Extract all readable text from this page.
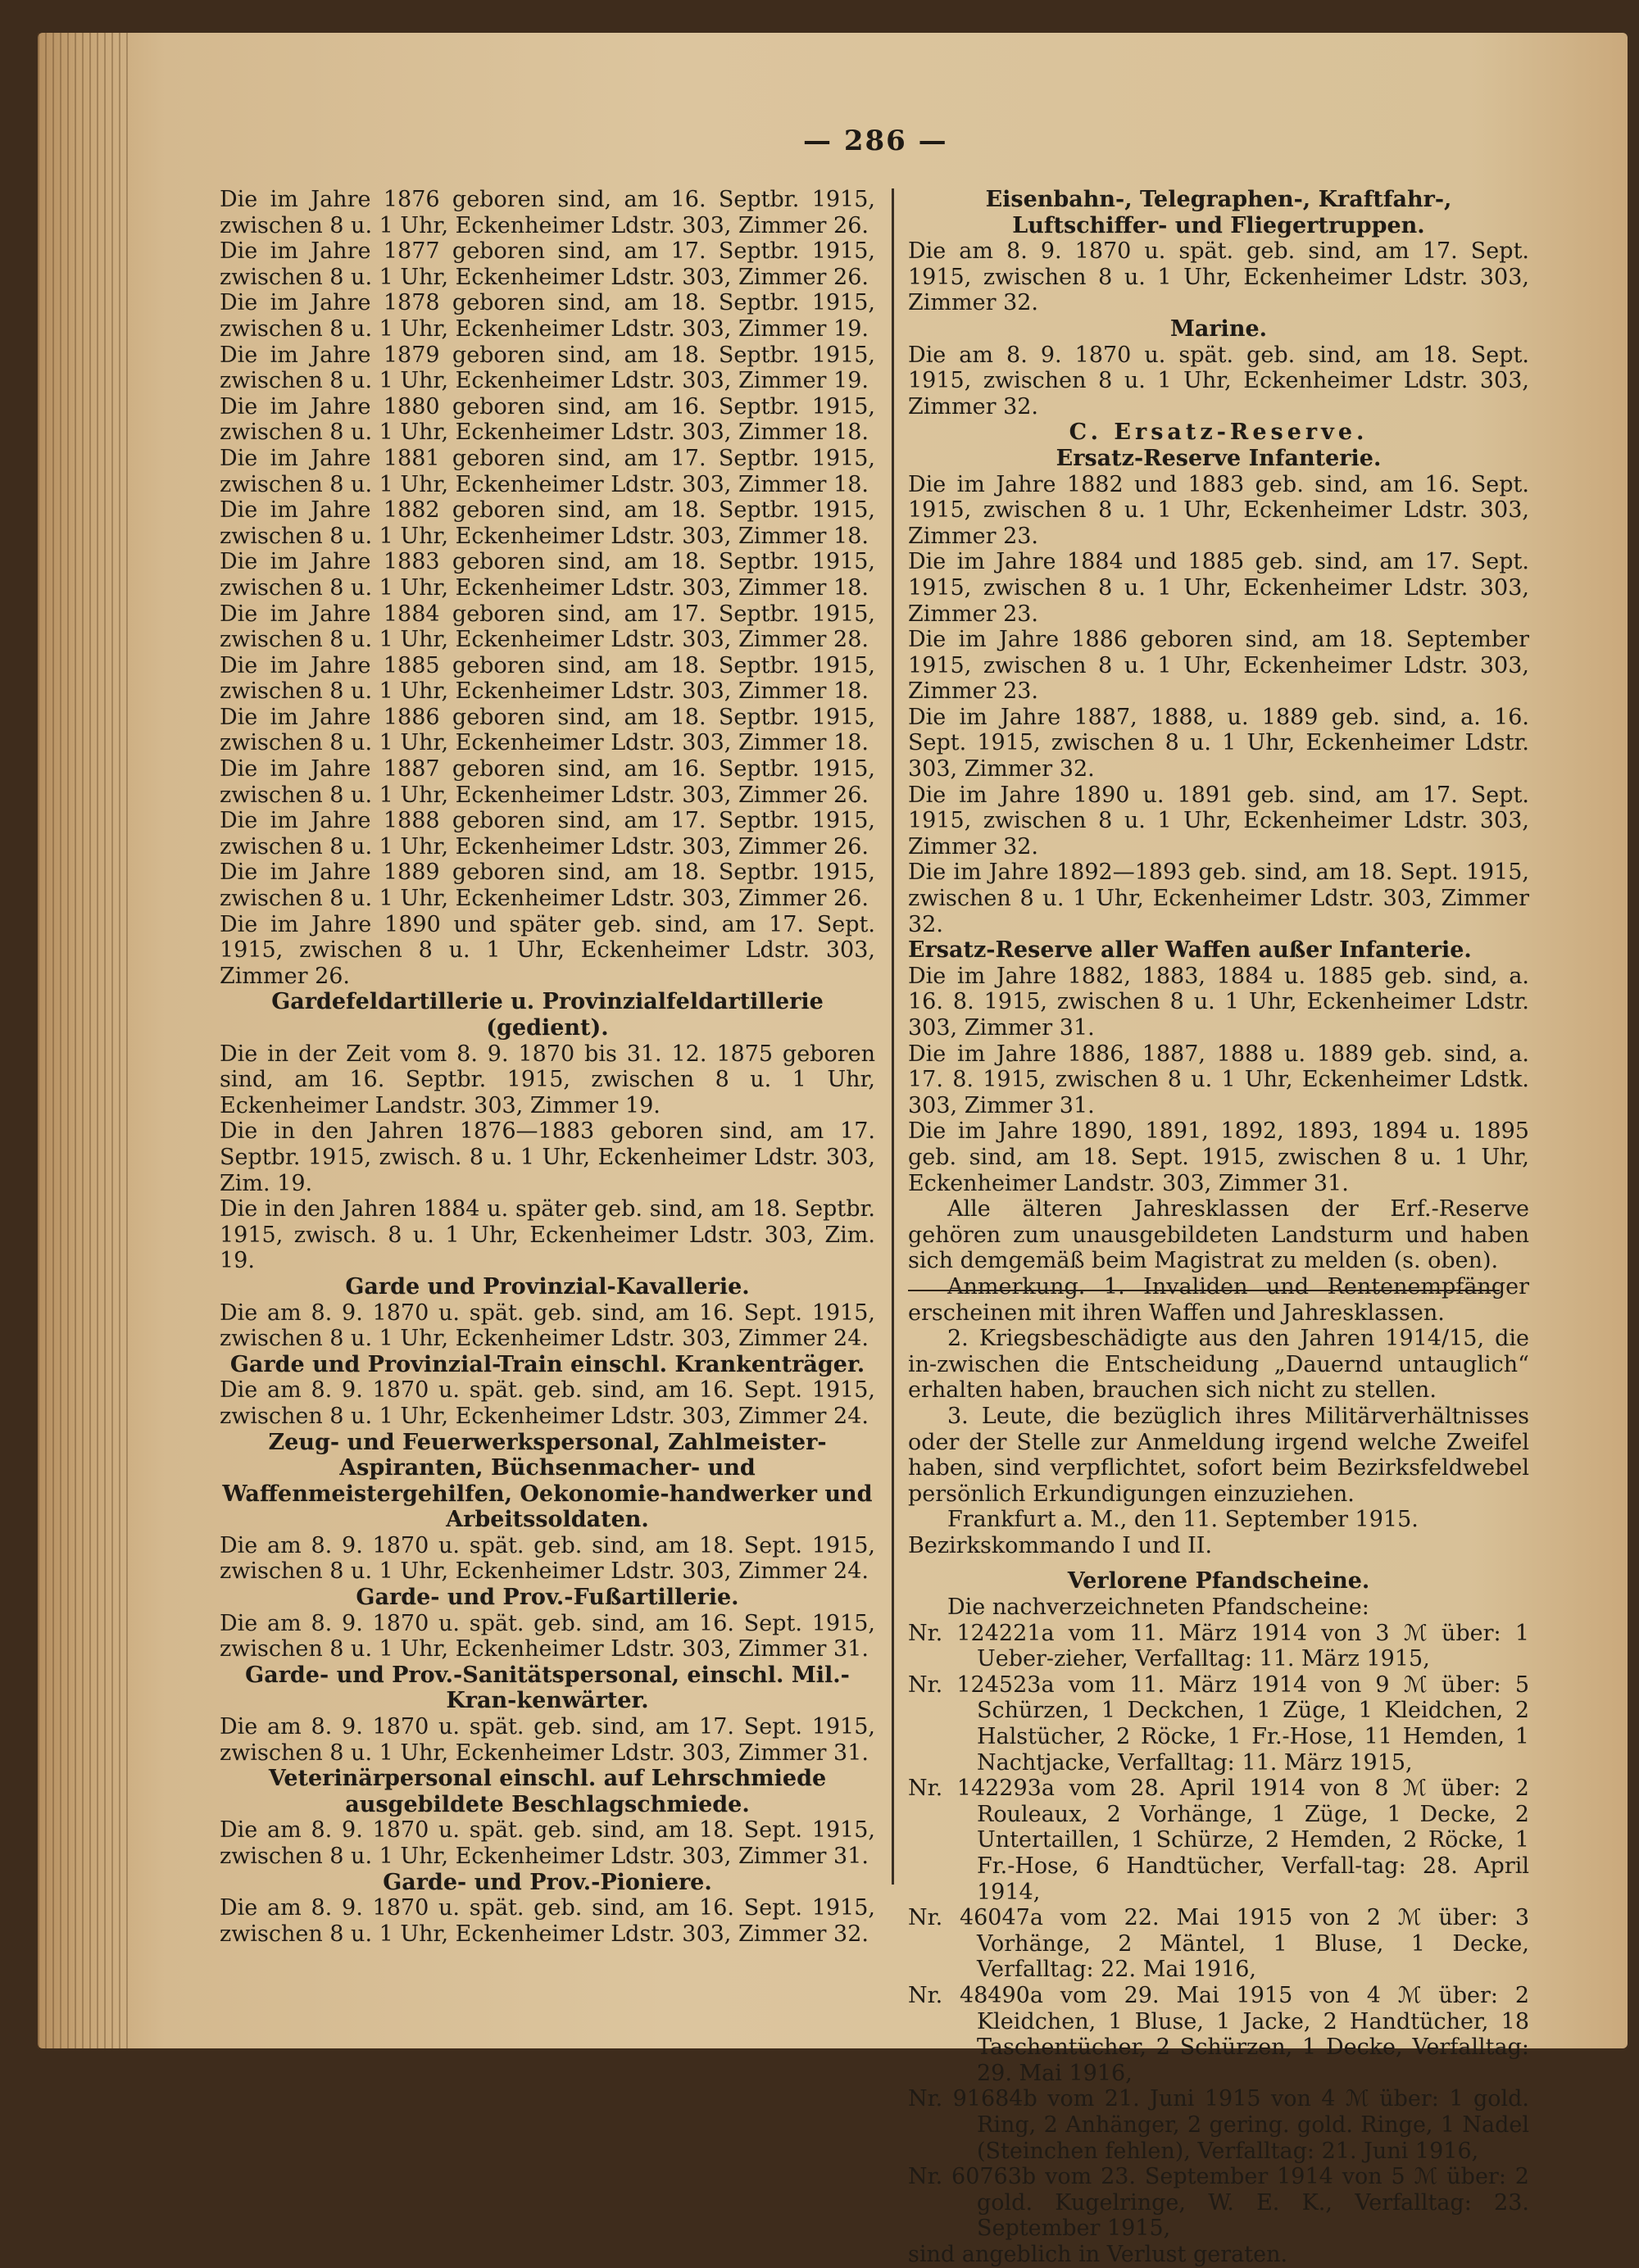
— 286 —
Die im Jahre 1876 geboren sind, am 16. Septbr. 1915, zwischen 8 u. 1 Uhr, Eckenheimer Ldstr. 303, Zimmer 26.
Die im Jahre 1877 geboren sind, am 17. Septbr. 1915, zwischen 8 u. 1 Uhr, Eckenheimer Ldstr. 303, Zimmer 26.
Die im Jahre 1878 geboren sind, am 18. Septbr. 1915, zwischen 8 u. 1 Uhr, Eckenheimer Ldstr. 303, Zimmer 19.
Die im Jahre 1879 geboren sind, am 18. Septbr. 1915, zwischen 8 u. 1 Uhr, Eckenheimer Ldstr. 303, Zimmer 19.
Die im Jahre 1880 geboren sind, am 16. Septbr. 1915, zwischen 8 u. 1 Uhr, Eckenheimer Ldstr. 303, Zimmer 18.
Die im Jahre 1881 geboren sind, am 17. Septbr. 1915, zwischen 8 u. 1 Uhr, Eckenheimer Ldstr. 303, Zimmer 18.
Die im Jahre 1882 geboren sind, am 18. Septbr. 1915, zwischen 8 u. 1 Uhr, Eckenheimer Ldstr. 303, Zimmer 18.
Die im Jahre 1883 geboren sind, am 18. Septbr. 1915, zwischen 8 u. 1 Uhr, Eckenheimer Ldstr. 303, Zimmer 18.
Die im Jahre 1884 geboren sind, am 17. Septbr. 1915, zwischen 8 u. 1 Uhr, Eckenheimer Ldstr. 303, Zimmer 28.
Die im Jahre 1885 geboren sind, am 18. Septbr. 1915, zwischen 8 u. 1 Uhr, Eckenheimer Ldstr. 303, Zimmer 18.
Die im Jahre 1886 geboren sind, am 18. Septbr. 1915, zwischen 8 u. 1 Uhr, Eckenheimer Ldstr. 303, Zimmer 18.
Die im Jahre 1887 geboren sind, am 16. Septbr. 1915, zwischen 8 u. 1 Uhr, Eckenheimer Ldstr. 303, Zimmer 26.
Die im Jahre 1888 geboren sind, am 17. Septbr. 1915, zwischen 8 u. 1 Uhr, Eckenheimer Ldstr. 303, Zimmer 26.
Die im Jahre 1889 geboren sind, am 18. Septbr. 1915, zwischen 8 u. 1 Uhr, Eckenheimer Ldstr. 303, Zimmer 26.
Die im Jahre 1890 und später geb. sind, am 17. Sept. 1915, zwischen 8 u. 1 Uhr, Eckenheimer Ldstr. 303, Zimmer 26.
Gardefeldartillerie u. Provinzialfeldartillerie (gedient).
Die in der Zeit vom 8. 9. 1870 bis 31. 12. 1875 geboren sind, am 16. Septbr. 1915, zwischen 8 u. 1 Uhr, Eckenheimer Landstr. 303, Zimmer 19.
Die in den Jahren 1876—1883 geboren sind, am 17. Septbr. 1915, zwisch. 8 u. 1 Uhr, Eckenheimer Ldstr. 303, Zim. 19.
Die in den Jahren 1884 u. später geb. sind, am 18. Septbr. 1915, zwisch. 8 u. 1 Uhr, Eckenheimer Ldstr. 303, Zim. 19.
Garde und Provinzial-Kavallerie.
Die am 8. 9. 1870 u. spät. geb. sind, am 16. Sept. 1915, zwischen 8 u. 1 Uhr, Eckenheimer Ldstr. 303, Zimmer 24.
Garde und Provinzial-Train einschl. Krankenträger.
Die am 8. 9. 1870 u. spät. geb. sind, am 16. Sept. 1915, zwischen 8 u. 1 Uhr, Eckenheimer Ldstr. 303, Zimmer 24.
Zeug- und Feuerwerkspersonal, Zahlmeister-Aspiranten, Büchsenmacher- und Waffenmeistergehilfen, Oekonomie-handwerker und Arbeitssoldaten.
Die am 8. 9. 1870 u. spät. geb. sind, am 18. Sept. 1915, zwischen 8 u. 1 Uhr, Eckenheimer Ldstr. 303, Zimmer 24.
Garde- und Prov.-Fußartillerie.
Die am 8. 9. 1870 u. spät. geb. sind, am 16. Sept. 1915, zwischen 8 u. 1 Uhr, Eckenheimer Ldstr. 303, Zimmer 31.
Garde- und Prov.-Sanitätspersonal, einschl. Mil.-Kran-kenwärter.
Die am 8. 9. 1870 u. spät. geb. sind, am 17. Sept. 1915, zwischen 8 u. 1 Uhr, Eckenheimer Ldstr. 303, Zimmer 31.
Veterinärpersonal einschl. auf Lehrschmiede ausgebildete Beschlagschmiede.
Die am 8. 9. 1870 u. spät. geb. sind, am 18. Sept. 1915, zwischen 8 u. 1 Uhr, Eckenheimer Ldstr. 303, Zimmer 31.
Garde- und Prov.-Pioniere.
Die am 8. 9. 1870 u. spät. geb. sind, am 16. Sept. 1915, zwischen 8 u. 1 Uhr, Eckenheimer Ldstr. 303, Zimmer 32.
Eisenbahn-, Telegraphen-, Kraftfahr-, Luftschiffer- und Fliegertruppen.
Die am 8. 9. 1870 u. spät. geb. sind, am 17. Sept. 1915, zwischen 8 u. 1 Uhr, Eckenheimer Ldstr. 303, Zimmer 32.
Marine.
Die am 8. 9. 1870 u. spät. geb. sind, am 18. Sept. 1915, zwischen 8 u. 1 Uhr, Eckenheimer Ldstr. 303, Zimmer 32.
C. Ersatz-Reserve.
Ersatz-Reserve Infanterie.
Die im Jahre 1882 und 1883 geb. sind, am 16. Sept. 1915, zwischen 8 u. 1 Uhr, Eckenheimer Ldstr. 303, Zimmer 23.
Die im Jahre 1884 und 1885 geb. sind, am 17. Sept. 1915, zwischen 8 u. 1 Uhr, Eckenheimer Ldstr. 303, Zimmer 23.
Die im Jahre 1886 geboren sind, am 18. September 1915, zwischen 8 u. 1 Uhr, Eckenheimer Ldstr. 303, Zimmer 23.
Die im Jahre 1887, 1888, u. 1889 geb. sind, a. 16. Sept. 1915, zwischen 8 u. 1 Uhr, Eckenheimer Ldstr. 303, Zimmer 32.
Die im Jahre 1890 u. 1891 geb. sind, am 17. Sept. 1915, zwischen 8 u. 1 Uhr, Eckenheimer Ldstr. 303, Zimmer 32.
Die im Jahre 1892—1893 geb. sind, am 18. Sept. 1915, zwischen 8 u. 1 Uhr, Eckenheimer Ldstr. 303, Zimmer 32.
Ersatz-Reserve aller Waffen außer Infanterie.
Die im Jahre 1882, 1883, 1884 u. 1885 geb. sind, a. 16. 8. 1915, zwischen 8 u. 1 Uhr, Eckenheimer Ldstr. 303, Zimmer 31.
Die im Jahre 1886, 1887, 1888 u. 1889 geb. sind, a. 17. 8. 1915, zwischen 8 u. 1 Uhr, Eckenheimer Ldstk. 303, Zimmer 31.
Die im Jahre 1890, 1891, 1892, 1893, 1894 u. 1895 geb. sind, am 18. Sept. 1915, zwischen 8 u. 1 Uhr, Eckenheimer Landstr. 303, Zimmer 31.
Alle älteren Jahresklassen der Erf.-Reserve gehören zum unausgebildeten Landsturm und haben sich demgemäß beim Magistrat zu melden (s. oben).
Anmerkung. 1. Invaliden und Rentenempfänger erscheinen mit ihren Waffen und Jahresklassen.
2. Kriegsbeschädigte aus den Jahren 1914/15, die in-zwischen die Entscheidung „Dauernd untauglich“ erhalten haben, brauchen sich nicht zu stellen.
3. Leute, die bezüglich ihres Militärverhältnisses oder der Stelle zur Anmeldung irgend welche Zweifel haben, sind verpflichtet, sofort beim Bezirksfeldwebel persönlich Erkundigungen einzuziehen.
Frankfurt a. M., den 11. September 1915.
Bezirkskommando I und II.
Verlorene Pfandscheine.
Die nachverzeichneten Pfandscheine:
Nr. 124221a vom 11. März 1914 von 3 ℳ über: 1 Ueber-zieher, Verfalltag: 11. März 1915,
Nr. 124523a vom 11. März 1914 von 9 ℳ über: 5 Schürzen, 1 Deckchen, 1 Züge, 1 Kleidchen, 2 Halstücher, 2 Röcke, 1 Fr.-Hose, 11 Hemden, 1 Nachtjacke, Verfalltag: 11. März 1915,
Nr. 142293a vom 28. April 1914 von 8 ℳ über: 2 Rouleaux, 2 Vorhänge, 1 Züge, 1 Decke, 2 Untertaillen, 1 Schürze, 2 Hemden, 2 Röcke, 1 Fr.-Hose, 6 Handtücher, Verfall-tag: 28. April 1914,
Nr. 46047a vom 22. Mai 1915 von 2 ℳ über: 3 Vorhänge, 2 Mäntel, 1 Bluse, 1 Decke, Verfalltag: 22. Mai 1916,
Nr. 48490a vom 29. Mai 1915 von 4 ℳ über: 2 Kleidchen, 1 Bluse, 1 Jacke, 2 Handtücher, 18 Taschentücher, 2 Schürzen, 1 Decke, Verfalltag: 29. Mai 1916,
Nr. 91684b vom 21. Juni 1915 von 4 ℳ über: 1 gold. Ring, 2 Anhänger, 2 gering. gold. Ringe, 1 Nadel (Steinchen fehlen), Verfalltag: 21. Juni 1916,
Nr. 60763b vom 23. September 1914 von 5 ℳ über: 2 gold. Kugelringe, W. E. K., Verfalltag: 23. September 1915,
sind angeblich in Verlust geraten.
